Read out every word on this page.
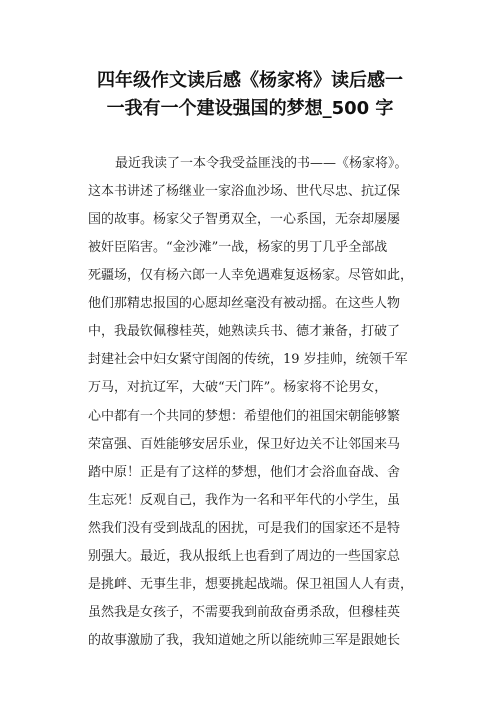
四年级作文读后感《杨家将》读后感一
一我有一个建设强国的梦想_500 字

最近我读了一本令我受益匪浅的书——《杨家将》。

这本书讲述了杨继业一家浴血沙场、世代尽忠、抗辽保

国的故事。杨家父子智勇双全，一心系国，无奈却屡屡

被奸臣陷害。“金沙滩”一战，杨家的男丁几乎全部战

死疆场，仅有杨六郎一人幸免遇难复返杨家。尽管如此，

他们那精忠报国的心愿却丝毫没有被动摇。在这些人物

中，我最钦佩穆桂英，她熟读兵书、德才兼备，打破了

封建社会中妇女紧守闺阁的传统，19 岁挂帅，统领千军

万马，对抗辽军，大破“天门阵”。杨家将不论男女，

心中都有一个共同的梦想：希望他们的祖国宋朝能够繁

荣富强、百姓能够安居乐业，保卫好边关不让邻国来马

踏中原！正是有了这样的梦想，他们才会浴血奋战、舍

生忘死！反观自己，我作为一名和平年代的小学生，虽

然我们没有受到战乱的困扰，可是我们的国家还不是特

别强大。最近，我从报纸上也看到了周边的一些国家总

是挑衅、无事生非，想要挑起战端。保卫祖国人人有责，

虽然我是女孩子，不需要我到前敌奋勇杀敌，但穆桂英

的故事激励了我，我知道她之所以能统帅三军是跟她长
